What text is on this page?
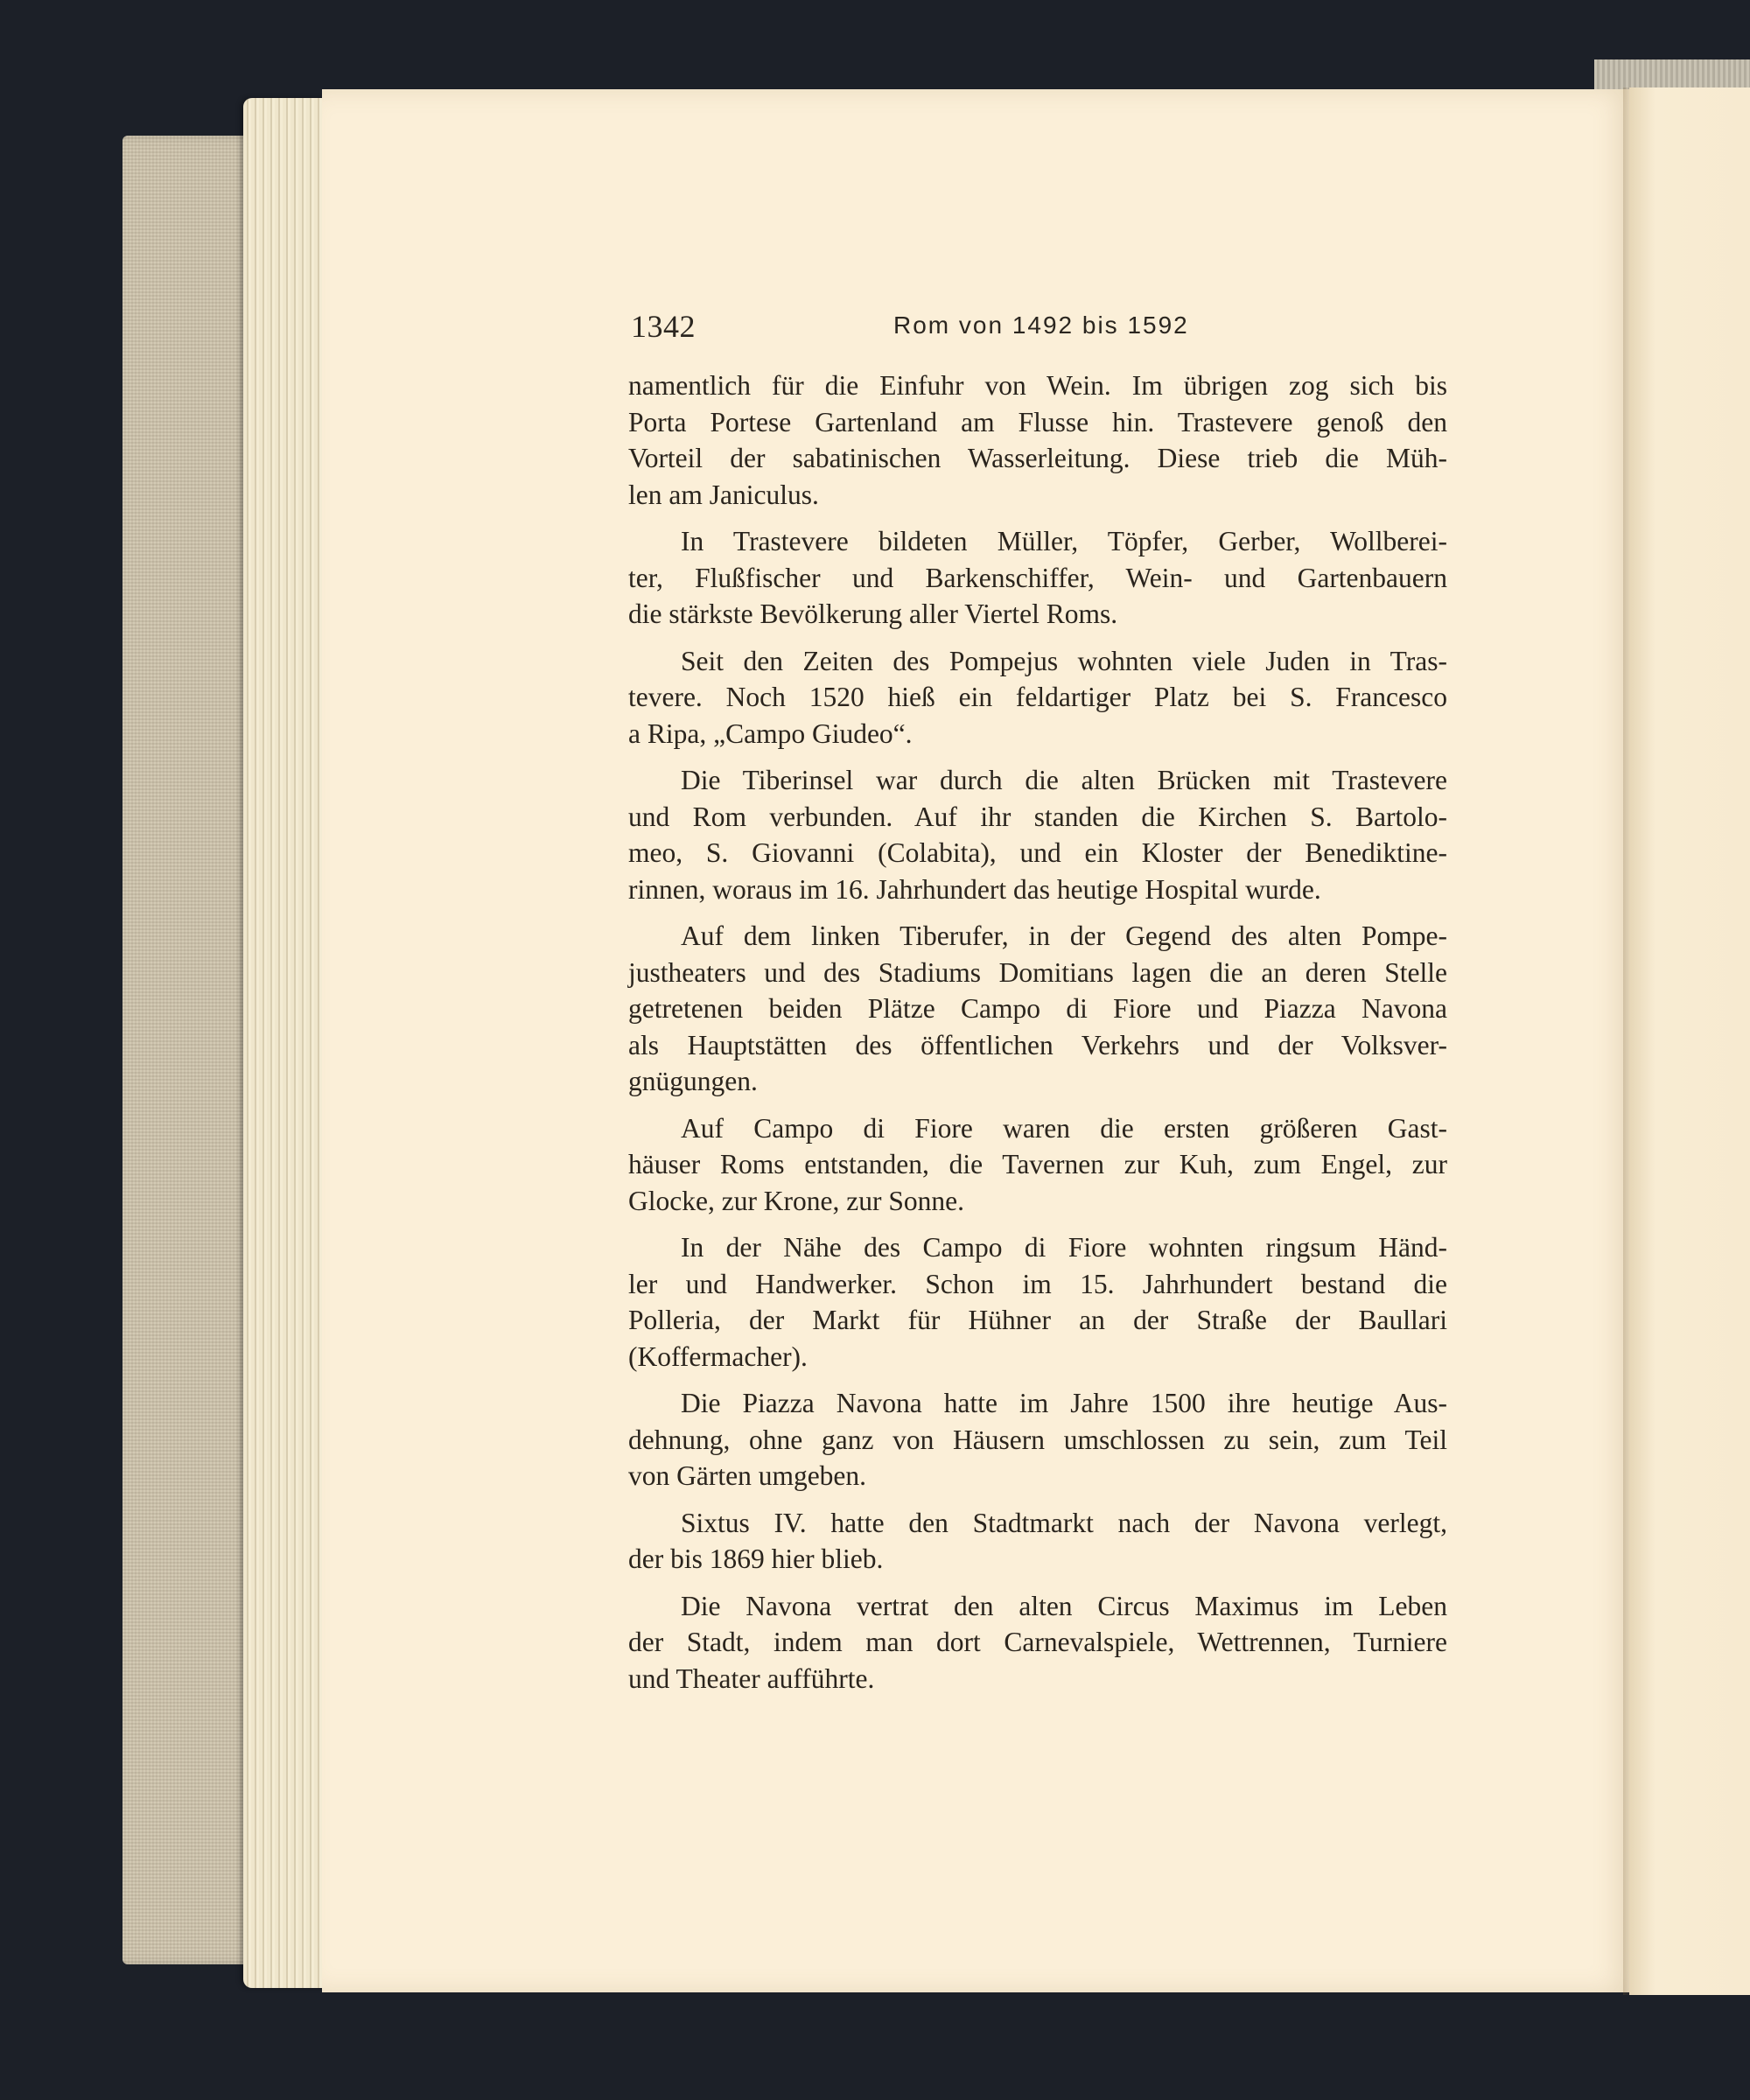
1342	Rom von 1492 bis 1592
namentlich für die Einfuhr von Wein. Im übrigen zog sich bis
Porta Portese Gartenland am Flusse hin. Trastevere genoß den
Vorteil der sabatinischen Wasserleitung. Diese trieb die Müh-
len am Janiculus.
In Trastevere bildeten Müller, Töpfer, Gerber, Wollberei-
ter, Flußfischer und Barkenschiffer, Wein- und Gartenbauern
die stärkste Bevölkerung aller Viertel Roms.
Seit den Zeiten des Pompejus wohnten viele Juden in Tras-
tevere. Noch 1520 hieß ein feldartiger Platz bei S. Francesco
a Ripa, „Campo Giudeo“.
Die Tiberinsel war durch die alten Brücken mit Trastevere
und Rom verbunden. Auf ihr standen die Kirchen S. Bartolo-
meo, S. Giovanni (Colabita), und ein Kloster der Benediktine-
rinnen, woraus im 16. Jahrhundert das heutige Hospital wurde.
Auf dem linken Tiberufer, in der Gegend des alten Pompe-
justheaters und des Stadiums Domitians lagen die an deren Stelle
getretenen beiden Plätze Campo di Fiore und Piazza Navona
als Hauptstätten des öffentlichen Verkehrs und der Volksver-
gnügungen.
Auf Campo di Fiore waren die ersten größeren Gast-
häuser Roms entstanden, die Tavernen zur Kuh, zum Engel, zur
Glocke, zur Krone, zur Sonne.
In der Nähe des Campo di Fiore wohnten ringsum Händ-
ler und Handwerker. Schon im 15. Jahrhundert bestand die
Polleria, der Markt für Hühner an der Straße der Baullari
(Koffermacher).
Die Piazza Navona hatte im Jahre 1500 ihre heutige Aus-
dehnung, ohne ganz von Häusern umschlossen zu sein, zum Teil
von Gärten umgeben.
Sixtus IV. hatte den Stadtmarkt nach der Navona verlegt,
der bis 1869 hier blieb.
Die Navona vertrat den alten Circus Maximus im Leben
der Stadt, indem man dort Carnevalspiele, Wettrennen, Turniere
und Theater aufführte.
